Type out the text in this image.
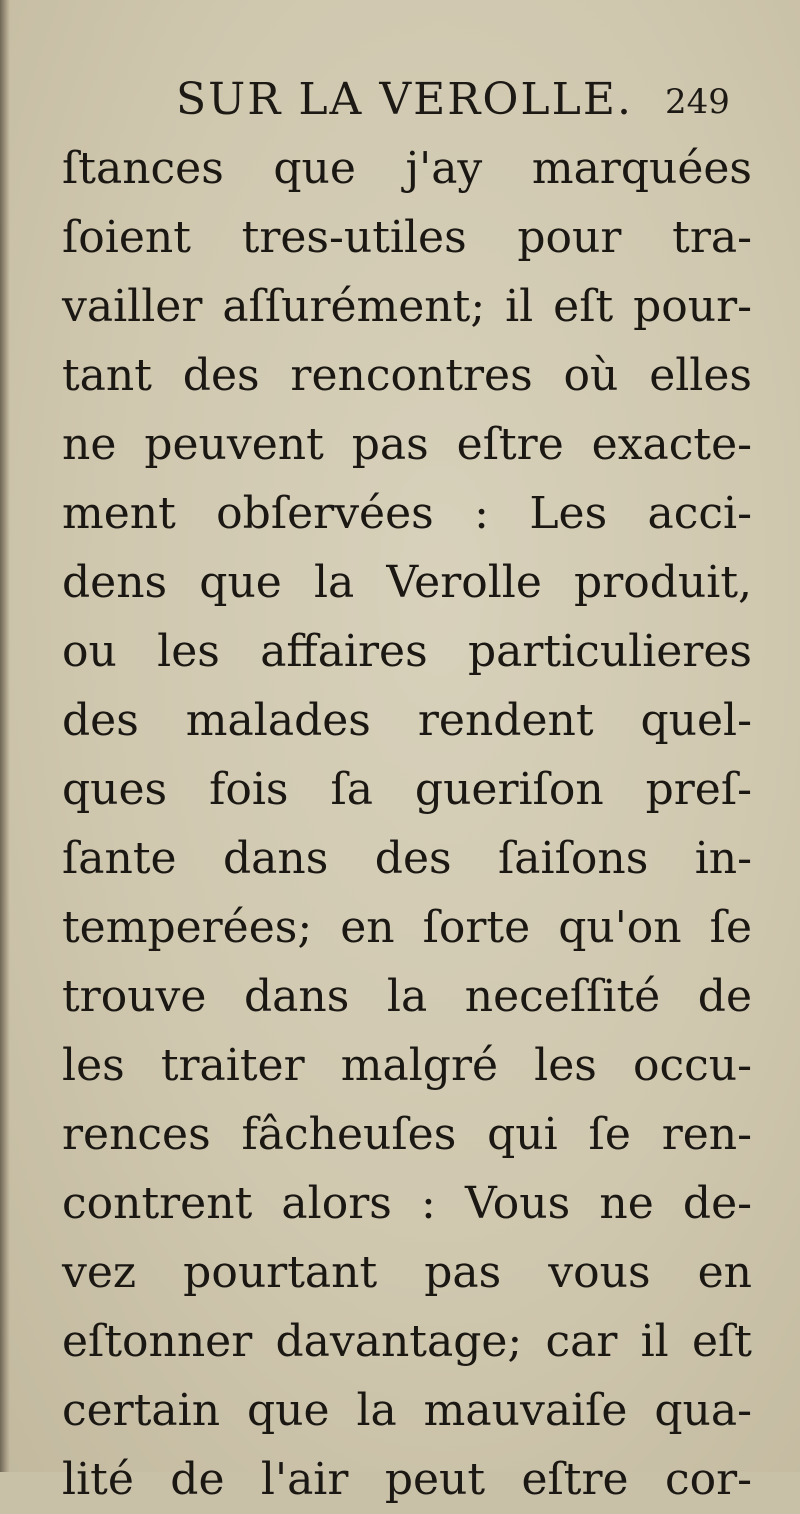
SUR LA VEROLLE. 249
ſtances que j'ay marquées
ſoient tres-utiles pour tra-
vailler aſſurément; il eſt pour-
tant des rencontres où elles
ne peuvent pas eſtre exacte-
ment obſervées : Les acci-
dens que la Verolle produit,
ou les affaires particulieres
des malades rendent quel-
ques fois ſa gueriſon preſ-
ſante dans des ſaiſons in-
temperées; en ſorte qu'on ſe
trouve dans la neceſſité de
les traiter malgré les occu-
rences fâcheuſes qui ſe ren-
contrent alors : Vous ne de-
vez pourtant pas vous en
eſtonner davantage; car il eſt
certain que la mauvaiſe qua-
lité de l'air peut eſtre cor-
